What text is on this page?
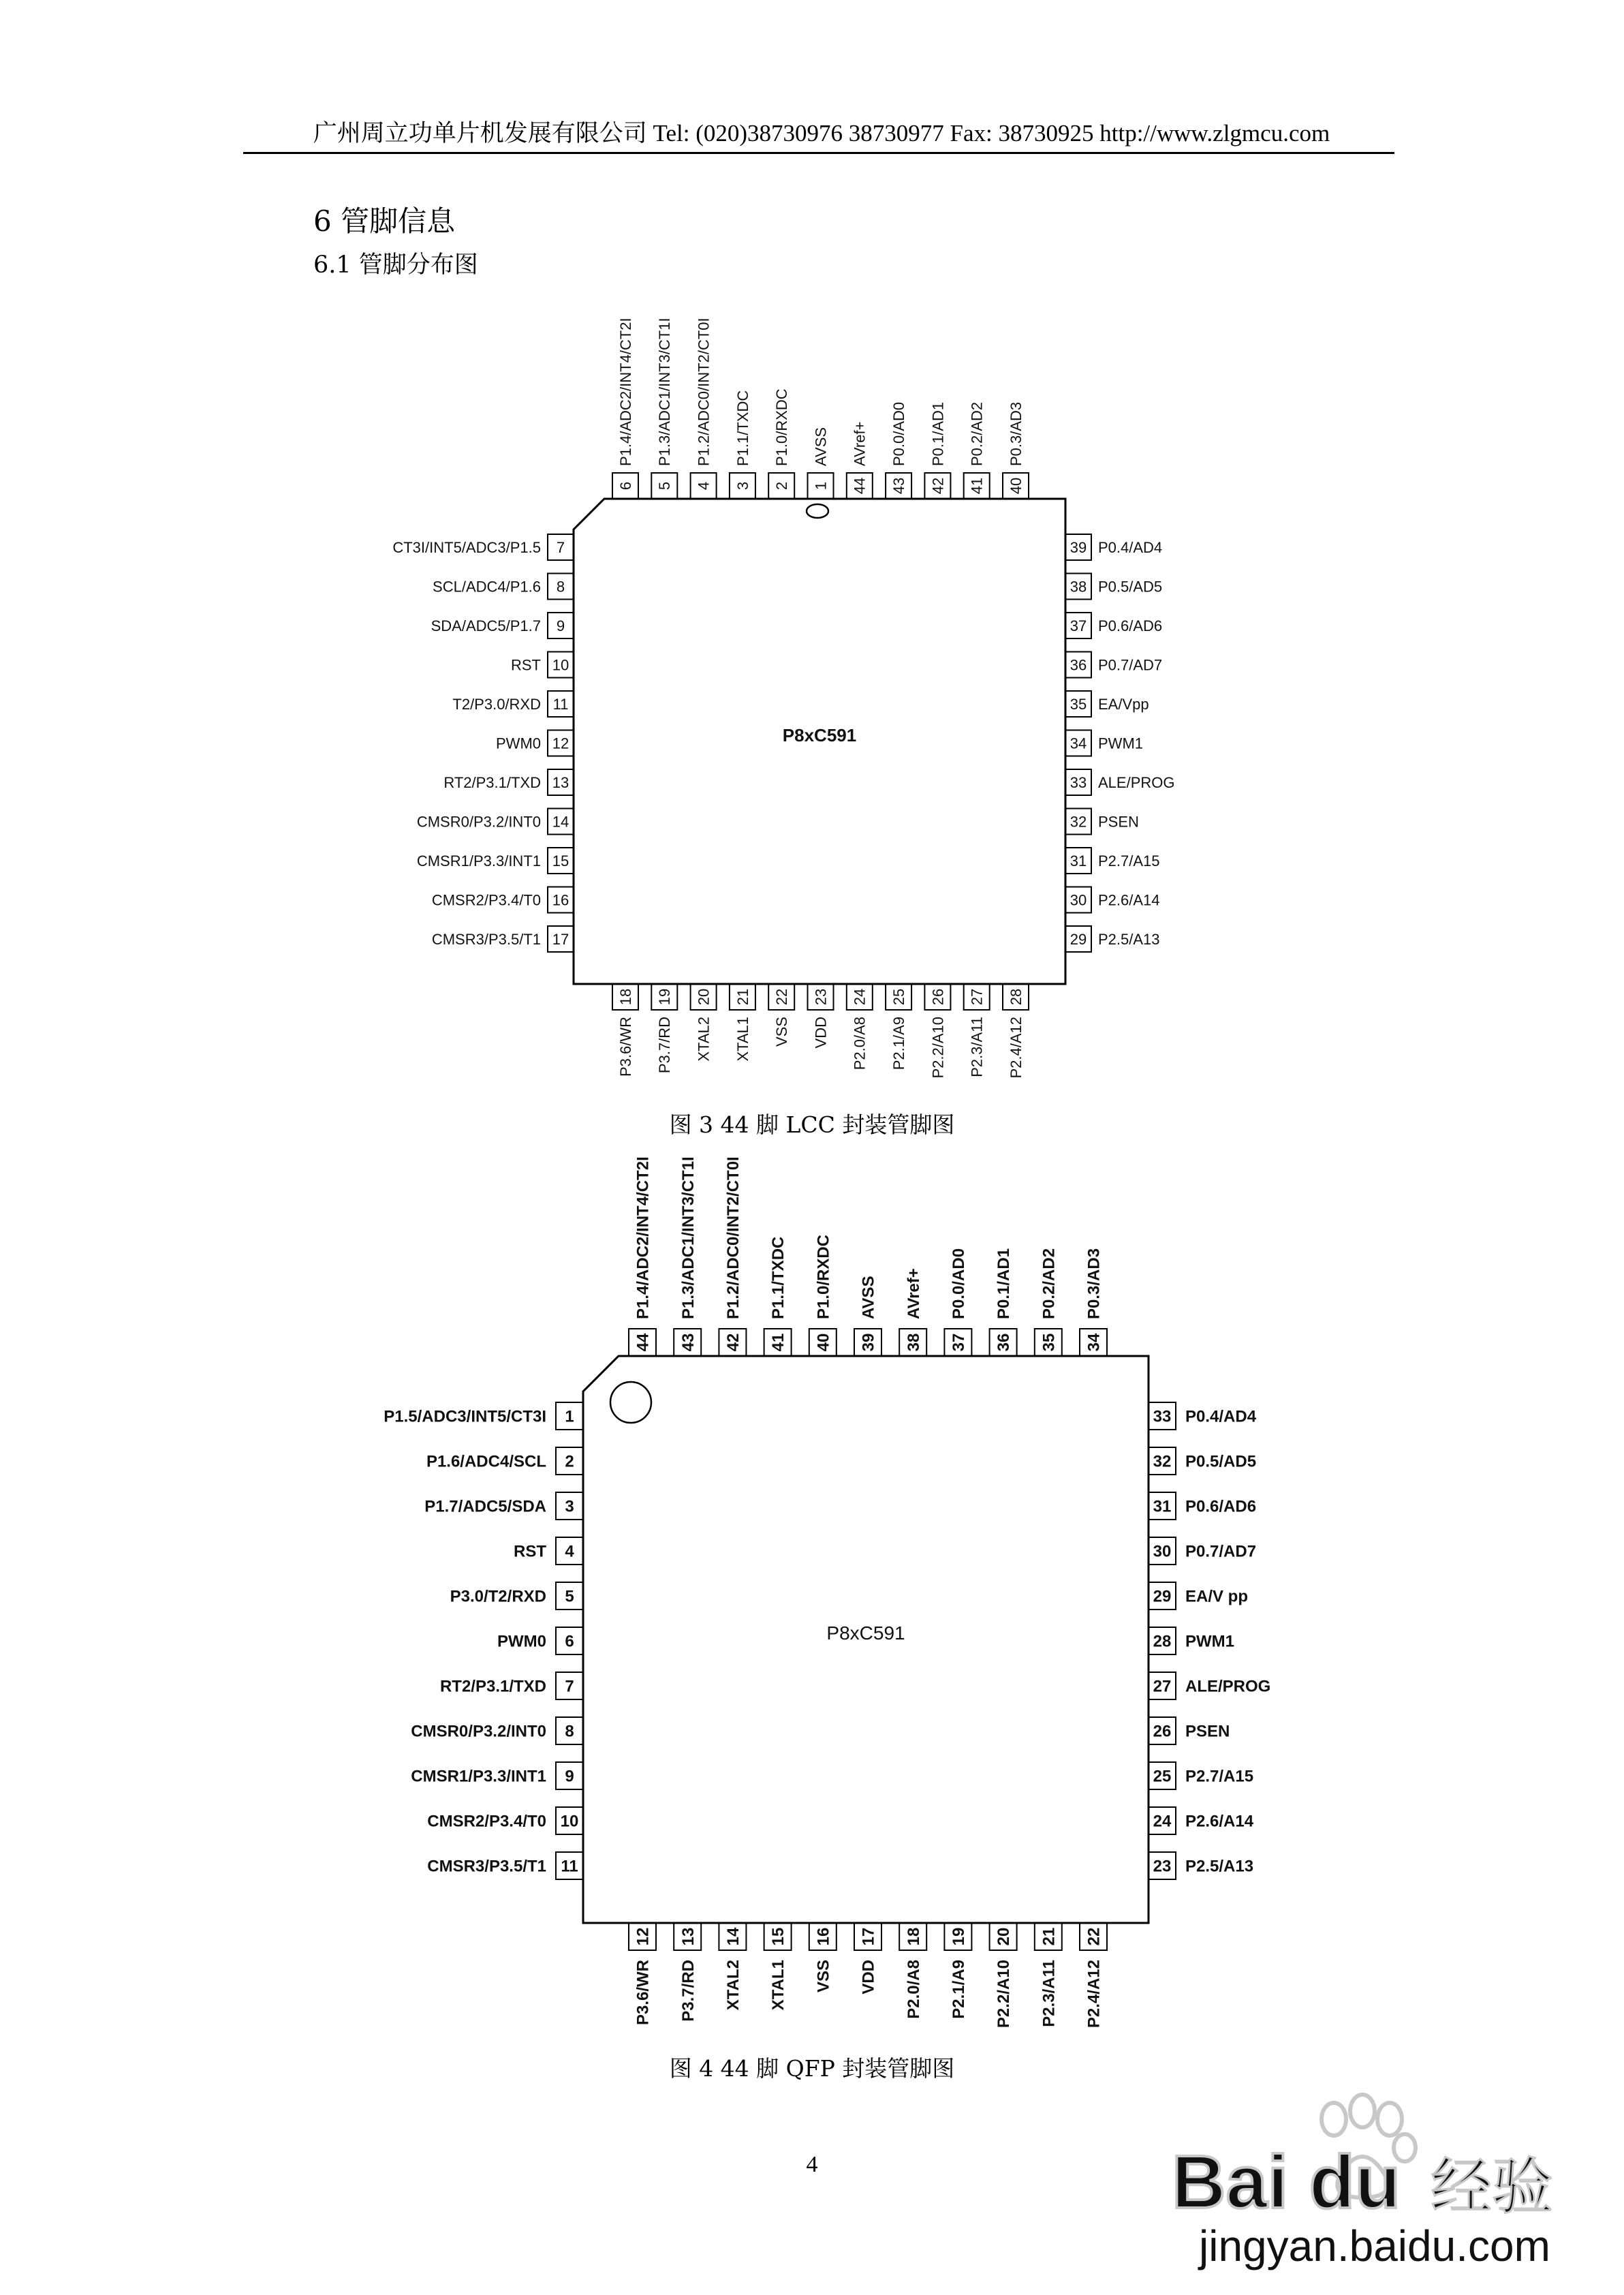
广州周立功单片机发展有限公司 Tel: (020)38730976 38730977 Fax: 38730925 http://www.zlgmcu.com
6 管脚信息
6.1 管脚分布图
P8xC591
7
CT3I/INT5/ADC3/P1.5
8
SCL/ADC4/P1.6
9
SDA/ADC5/P1.7
10
RST
11
T2/P3.0/RXD
12
PWM0
13
RT2/P3.1/TXD
14
CMSR0/P3.2/INT0
15
CMSR1/P3.3/INT1
16
CMSR2/P3.4/T0
17
CMSR3/P3.5/T1
39 P0.4/AD4
38 P0.5/AD5
37 P0.6/AD6
36 P0.7/AD7
35 EA/Vpp
34 PWM1
33 ALE/PROG
32 PSEN
31 P2.7/A15
30 P2.6/A14
29 P2.5/A13
6
P1.4/ADC2/INT4/CT2I
5
P1.3/ADC1/INT3/CT1I
4
P1.2/ADC0/INT2/CT0I
3
P1.1/TXDC
2
P1.0/RXDC
1
AVSS
44
AVref+
43
P0.0/AD0
42
P0.1/AD1
41
P0.2/AD2
40
P0.3/AD3
18
P3.6/WR
19
P3.7/RD
20
XTAL2
21
XTAL1
22
VSS
23
VDD
24
P2.0/A8
25
P2.1/A9
26
P2.2/A10
27
P2.3/A11
28
P2.4/A12
图 3 44 脚 LCC 封装管脚图
P8xC591
1
P1.5/ADC3/INT5/CT3I
2
P1.6/ADC4/SCL
3
P1.7/ADC5/SDA
4
RST
5
P3.0/T2/RXD
6
PWM0
7
RT2/P3.1/TXD
8
CMSR0/P3.2/INT0
9
CMSR1/P3.3/INT1
10
CMSR2/P3.4/T0
11
CMSR3/P3.5/T1
33 P0.4/AD4
32 P0.5/AD5
31 P0.6/AD6
30 P0.7/AD7
29 EA/V pp
28 PWM1
27 ALE/PROG
26 PSEN
25 P2.7/A15
24 P2.6/A14
23 P2.5/A13
44
P1.4/ADC2/INT4/CT2I
43
P1.3/ADC1/INT3/CT1I
42
P1.2/ADC0/INT2/CT0I
41
P1.1/TXDC
40
P1.0/RXDC
39
AVSS
38
AVref+
37
P0.0/AD0
36
P0.1/AD1
35
P0.2/AD2
34
P0.3/AD3
12
P3.6/WR
13
P3.7/RD
14
XTAL2
15
XTAL1
16
VSS
17
VDD
18
P2.0/A8
19
P2.1/A9
20
P2.2/A10
21
P2.3/A11
22
P2.4/A12
图 4 44 脚 QFP 封装管脚图
4	Bai du 经验
jingyan.baidu.com
